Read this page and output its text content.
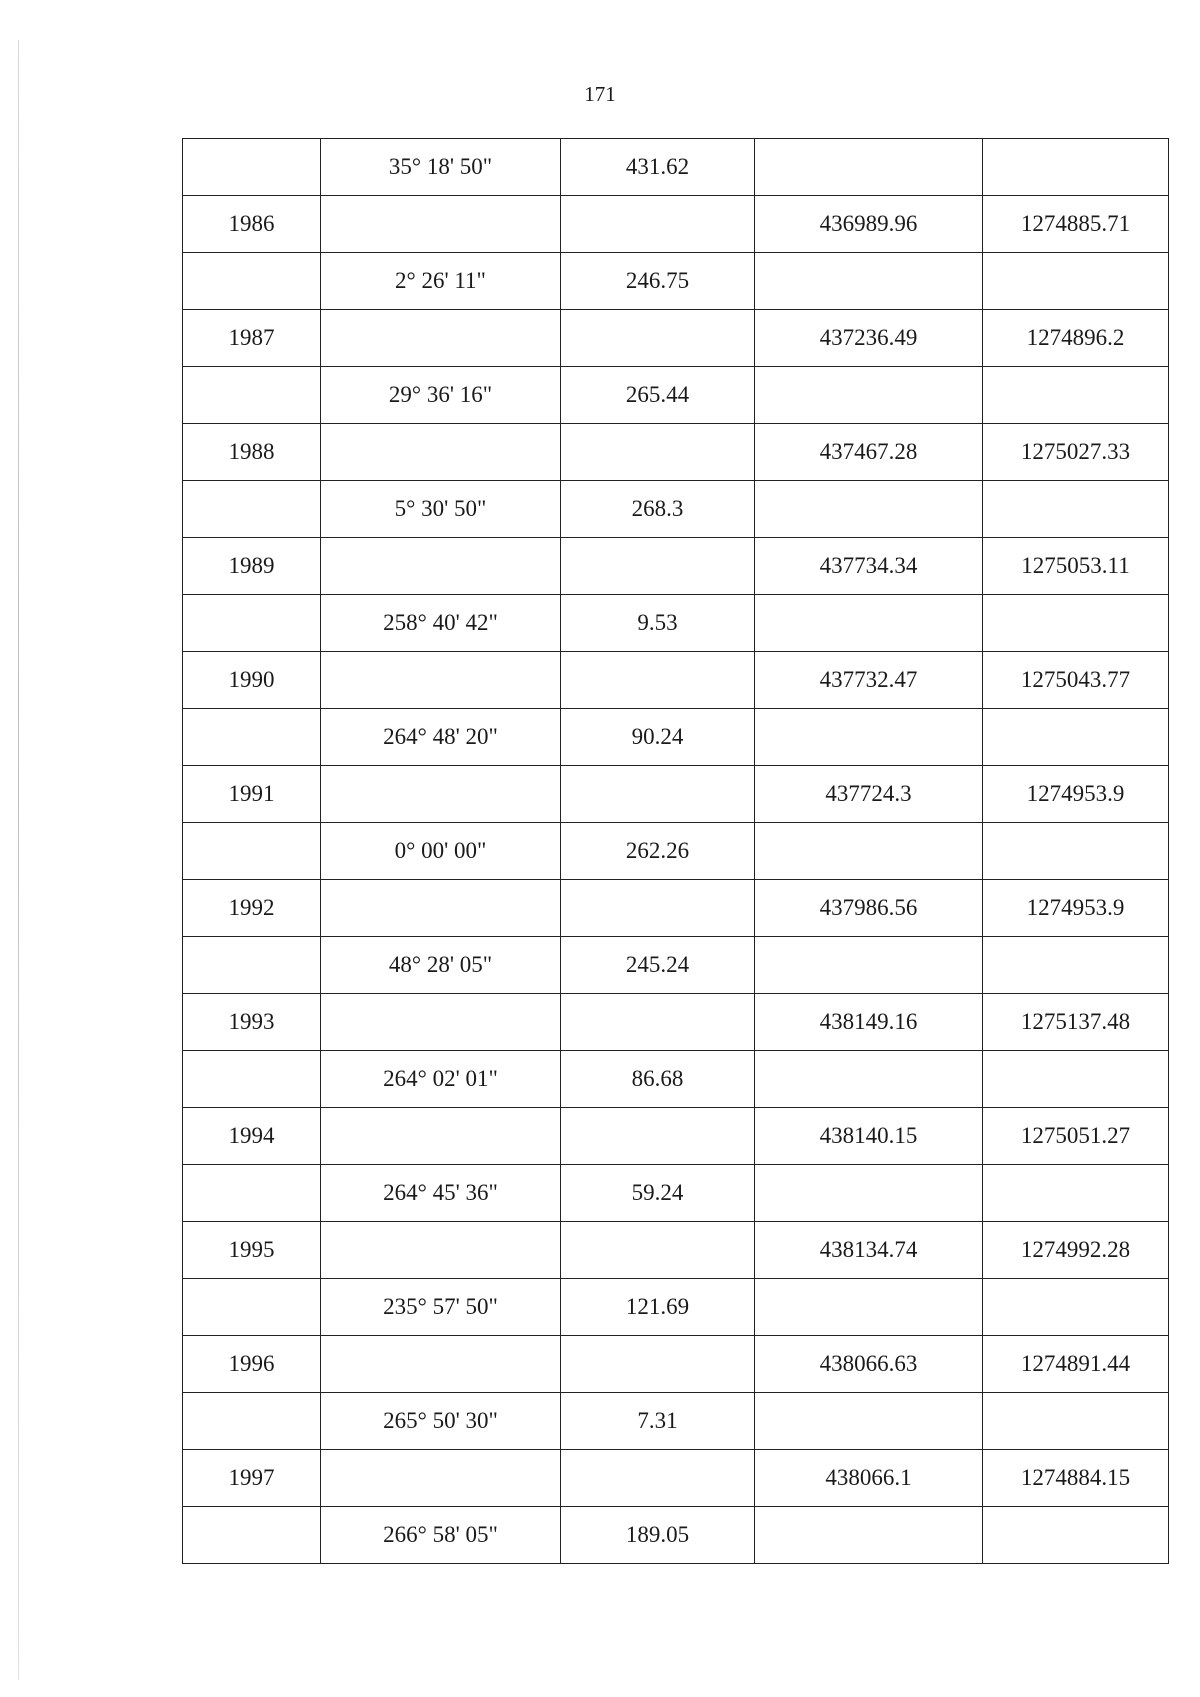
171
	35° 18' 50"	431.62		
1986			436989.96	1274885.71
	2° 26' 11"	246.75		
1987			437236.49	1274896.2
	29° 36' 16"	265.44		
1988			437467.28	1275027.33
	5° 30' 50"	268.3		
1989			437734.34	1275053.11
	258° 40' 42"	9.53		
1990			437732.47	1275043.77
	264° 48' 20"	90.24		
1991			437724.3	1274953.9
	0° 00' 00"	262.26		
1992			437986.56	1274953.9
	48° 28' 05"	245.24		
1993			438149.16	1275137.48
	264° 02' 01"	86.68		
1994			438140.15	1275051.27
	264° 45' 36"	59.24		
1995			438134.74	1274992.28
	235° 57' 50"	121.69		
1996			438066.63	1274891.44
	265° 50' 30"	7.31		
1997			438066.1	1274884.15
	266° 58' 05"	189.05		
